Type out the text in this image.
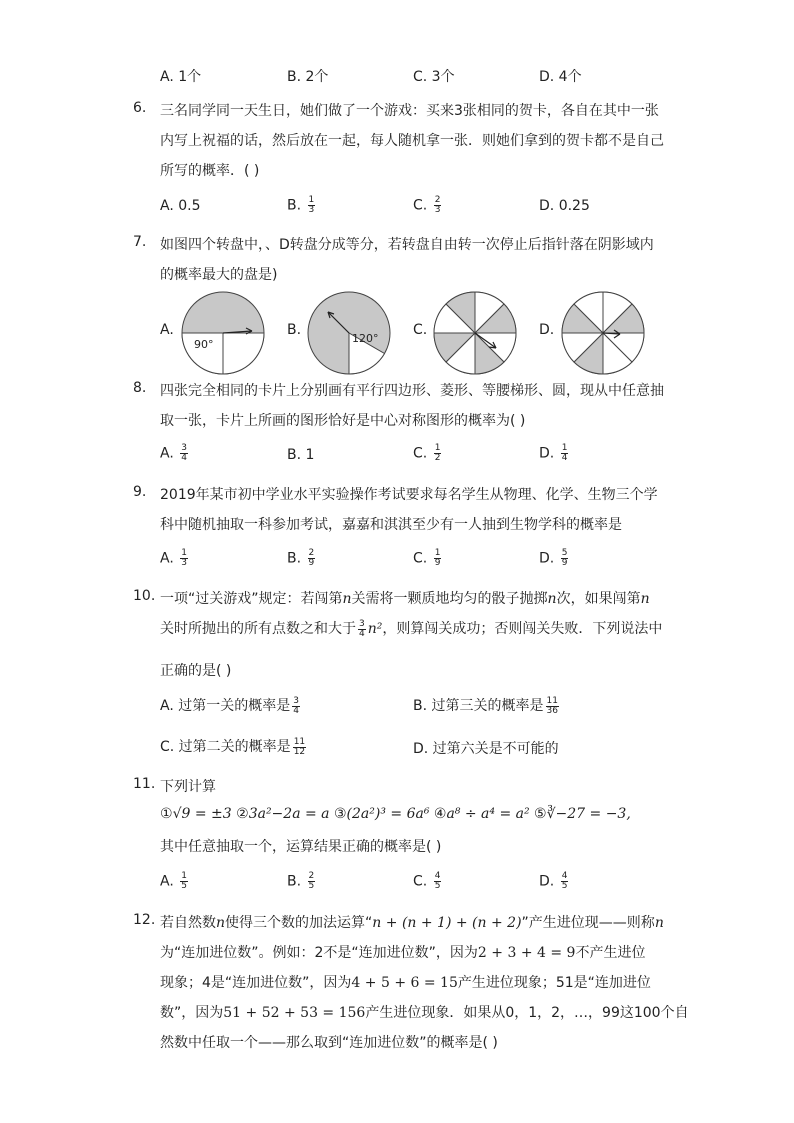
A. 1个	B. 2个	C. 3个	D. 4个
6. 三名同学同一天生日，她们做了一个游戏：买来3张相同的贺卡，各自在其中一张
内写上祝福的话，然后放在一起，每人随机拿一张．则她们拿到的贺卡都不是自己
所写的概率．( )
A. 0.5	B. $\frac{1}{3}$	C. $\frac{2}{3}$	D. 0.25
7. 如图四个转盘中，、D转盘分成等分，若转盘自由转一次停止后指针落在阴影域内
的概率最大的盘是)
A.
90°
B.
120°
C.	D.
8. 四张完全相同的卡片上分别画有平行四边形、菱形、等腰梯形、圆，现从中任意抽
取一张，卡片上所画的图形恰好是中心对称图形的概率为( )
A. $\frac{3}{4}$	B. 1	C. $\frac{1}{2}$	D. $\frac{1}{4}$
9. 2019年某市初中学业水平实验操作考试要求每名学生从物理、化学、生物三个学
科中随机抽取一科参加考试，嘉嘉和淇淇至少有一人抽到生物学科的概率是
A. $\frac{1}{3}$	B. $\frac{2}{9}$	C. $\frac{1}{9}$	D. $\frac{5}{9}$
10. 一项“过关游戏”规定：若闯第n关需将一颗质地均匀的骰子抛掷n次，如果闯第n
关时所抛出的所有点数之和大于 $\frac{3}{4} n^2$，则算闯关成功；否则闯关失败．下列说法中
正确的是( )
A. 过第一关的概率是 $\frac{3}{4}$	B. 过第三关的概率是 $\frac{11}{36}$
C. 过第二关的概率是 $\frac{11}{12}$	D. 过第六关是不可能的
11. 下列计算
①√9 = ±3 ②3a²−2a = a ③(2a²)³ = 6a⁶ ④a⁸ ÷ a⁴ = a² ⑤∛−27 = −3,
其中任意抽取一个，运算结果正确的概率是( )
A. $\frac{1}{5}$	B. $\frac{2}{5}$	C. $\frac{4}{5}$	D. $\frac{4}{5}$
12. 若自然数n使得三个数的加法运算“n + (n + 1) + (n + 2)”产生进位现——则称n
为“连加进位数”。例如：2不是“连加进位数”，因为2 + 3 + 4 = 9不产生进位
现象；4是“连加进位数”，因为4 + 5 + 6 = 15产生进位现象；51是“连加进位
数”，因为51 + 52 + 53 = 156产生进位现象．如果从0，1，2，…，99这100个自
然数中任取一个——那么取到“连加进位数”的概率是( )
